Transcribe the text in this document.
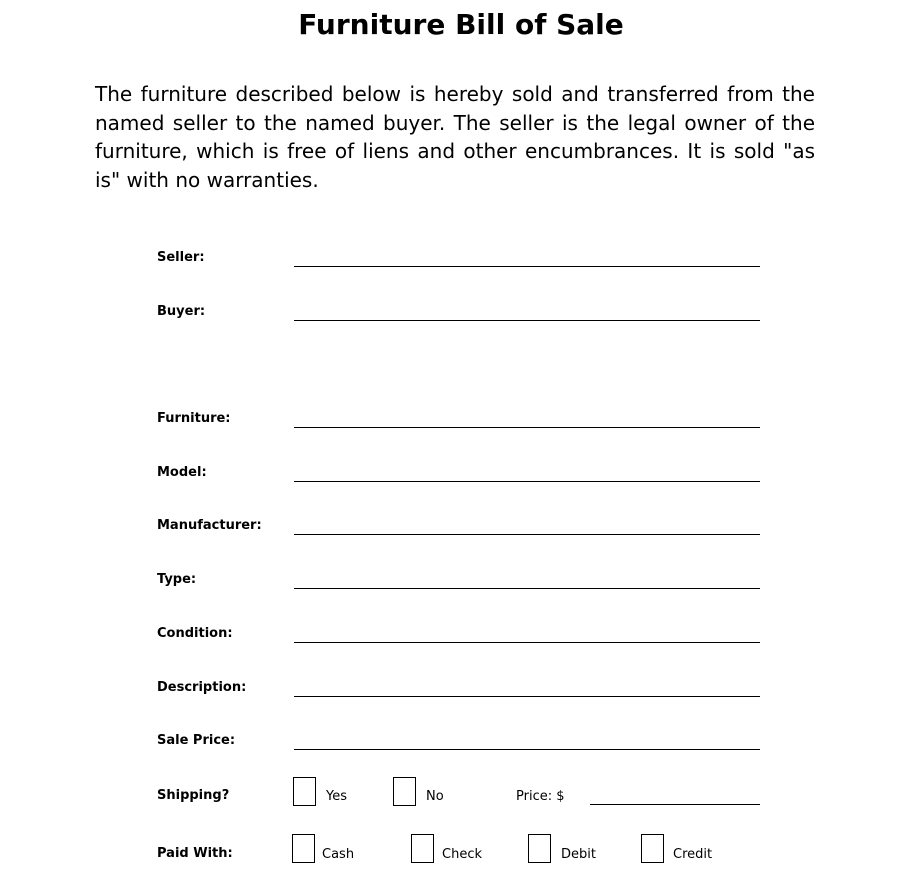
Furniture Bill of Sale
The furniture described below is hereby sold and transferred from the named seller to the named buyer. The seller is the legal owner of the furniture, which is free of liens and other encumbrances. It is sold "as is" with no warranties.
Seller:
Buyer:
Furniture:
Model:
Manufacturer:
Type:
Condition:
Description:
Sale Price:
Shipping?	Yes	No	Price: $
Paid With:	Cash	Check	Debit	Credit
